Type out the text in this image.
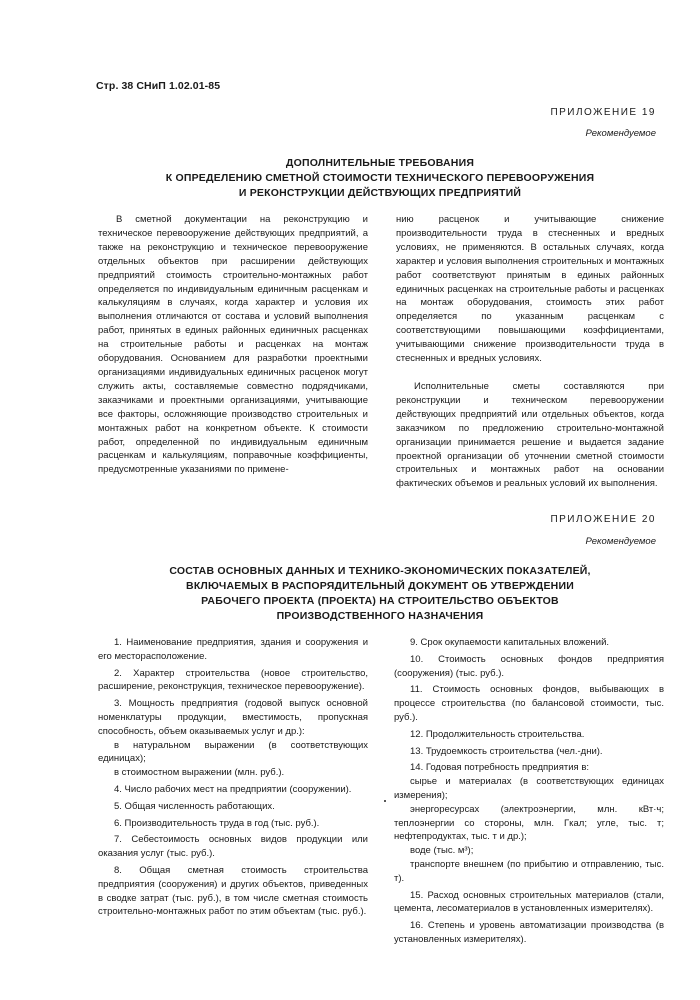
Стр. 38 СНиП 1.02.01-85
ПРИЛОЖЕНИЕ 19
Рекомендуемое
ДОПОЛНИТЕЛЬНЫЕ ТРЕБОВАНИЯ
К ОПРЕДЕЛЕНИЮ СМЕТНОЙ СТОИМОСТИ ТЕХНИЧЕСКОГО ПЕРЕВООРУЖЕНИЯ
И РЕКОНСТРУКЦИИ ДЕЙСТВУЮЩИХ ПРЕДПРИЯТИЙ

В сметной документации на реконструкцию и техническое перевооружение действующих предприятий, а также на реконструкцию и техническое перевооружение отдельных объектов при расширении действующих предприятий стоимость строительно-монтажных работ определяется по индивидуальным единичным расценкам и калькуляциям в случаях, когда характер и условия их выполнения отличаются от состава и условий выполнения работ, принятых в единых районных единичных расценках на строительные работы и расценках на монтаж оборудования. Основанием для разработки проектными организациями индивидуальных единичных расценок могут служить акты, составляемые совместно подрядчиками, заказчиками и проектными организациями, учитывающие все факторы, осложняющие производство строительных и монтажных работ на конкретном объекте. К стоимости работ, определенной по индивидуальным единичным расценкам и калькуляциям, поправочные коэффициенты, предусмотренные указаниями по примене-

нию расценок и учитывающие снижение производительности труда в стесненных и вредных условиях, не применяются. В остальных случаях, когда характер и условия выполнения строительных и монтажных работ соответствуют принятым в единых районных единичных расценках на строительные работы и расценках на монтаж оборудования, стоимость этих работ определяется по указанным расценкам с соответствующими повышающими коэффициентами, учитывающими снижение производительности труда в стесненных и вредных условиях.

Исполнительные сметы составляются при реконструкции и техническом перевооружении действующих предприятий или отдельных объектов, когда заказчиком по предложению строительно-монтажной организации принимается решение и выдается задание проектной организации об уточнении сметной стоимости строительных и монтажных работ на основании фактических объемов и реальных условий их выполнения.

ПРИЛОЖЕНИЕ 20
Рекомендуемое
СОСТАВ ОСНОВНЫХ ДАННЫХ И ТЕХНИКО-ЭКОНОМИЧЕСКИХ ПОКАЗАТЕЛЕЙ,
ВКЛЮЧАЕМЫХ В РАСПОРЯДИТЕЛЬНЫЙ ДОКУМЕНТ ОБ УТВЕРЖДЕНИИ
РАБОЧЕГО ПРОЕКТА (ПРОЕКТА) НА СТРОИТЕЛЬСТВО ОБЪЕКТОВ
ПРОИЗВОДСТВЕННОГО НАЗНАЧЕНИЯ
1. Наименование предприятия, здания и сооружения и его месторасположение.
2. Характер строительства (новое строительство, расширение, реконструкция, техническое перевооружение).
3. Мощность предприятия (годовой выпуск основной номенклатуры продукции, вместимость, пропускная способность, объем оказываемых услуг и др.):
в натуральном выражении (в соответствующих единицах);
в стоимостном выражении (млн. руб.).
4. Число рабочих мест на предприятии (сооружении).
5. Общая численность работающих.
6. Производительность труда в год (тыс. руб.).
7. Себестоимость основных видов продукции или оказания услуг (тыс. руб.).
8. Общая сметная стоимость строительства предприятия (сооружения) и других объектов, приведенных в сводке затрат (тыс. руб.), в том числе сметная стоимость строительно-монтажных работ по этим объектам (тыс. руб.).
9. Срок окупаемости капитальных вложений.
10. Стоимость основных фондов предприятия (сооружения) (тыс. руб.).
11. Стоимость основных фондов, выбывающих в процессе строительства (по балансовой стоимости, тыс. руб.).
12. Продолжительность строительства.
13. Трудоемкость строительства (чел.-дни).
14. Годовая потребность предприятия в:
сырье и материалах (в соответствующих единицах измерения);
энергоресурсах (электроэнергии, млн. кВт·ч; теплоэнергии со стороны, млн. Гкал; угле, тыс. т; нефтепродуктах, тыс. т и др.);
воде (тыс. м³);
транспорте внешнем (по прибытию и отправлению, тыс. т).
15. Расход основных строительных материалов (стали, цемента, лесоматериалов в установленных измерителях).
16. Степень и уровень автоматизации производства (в установленных измерителях).
